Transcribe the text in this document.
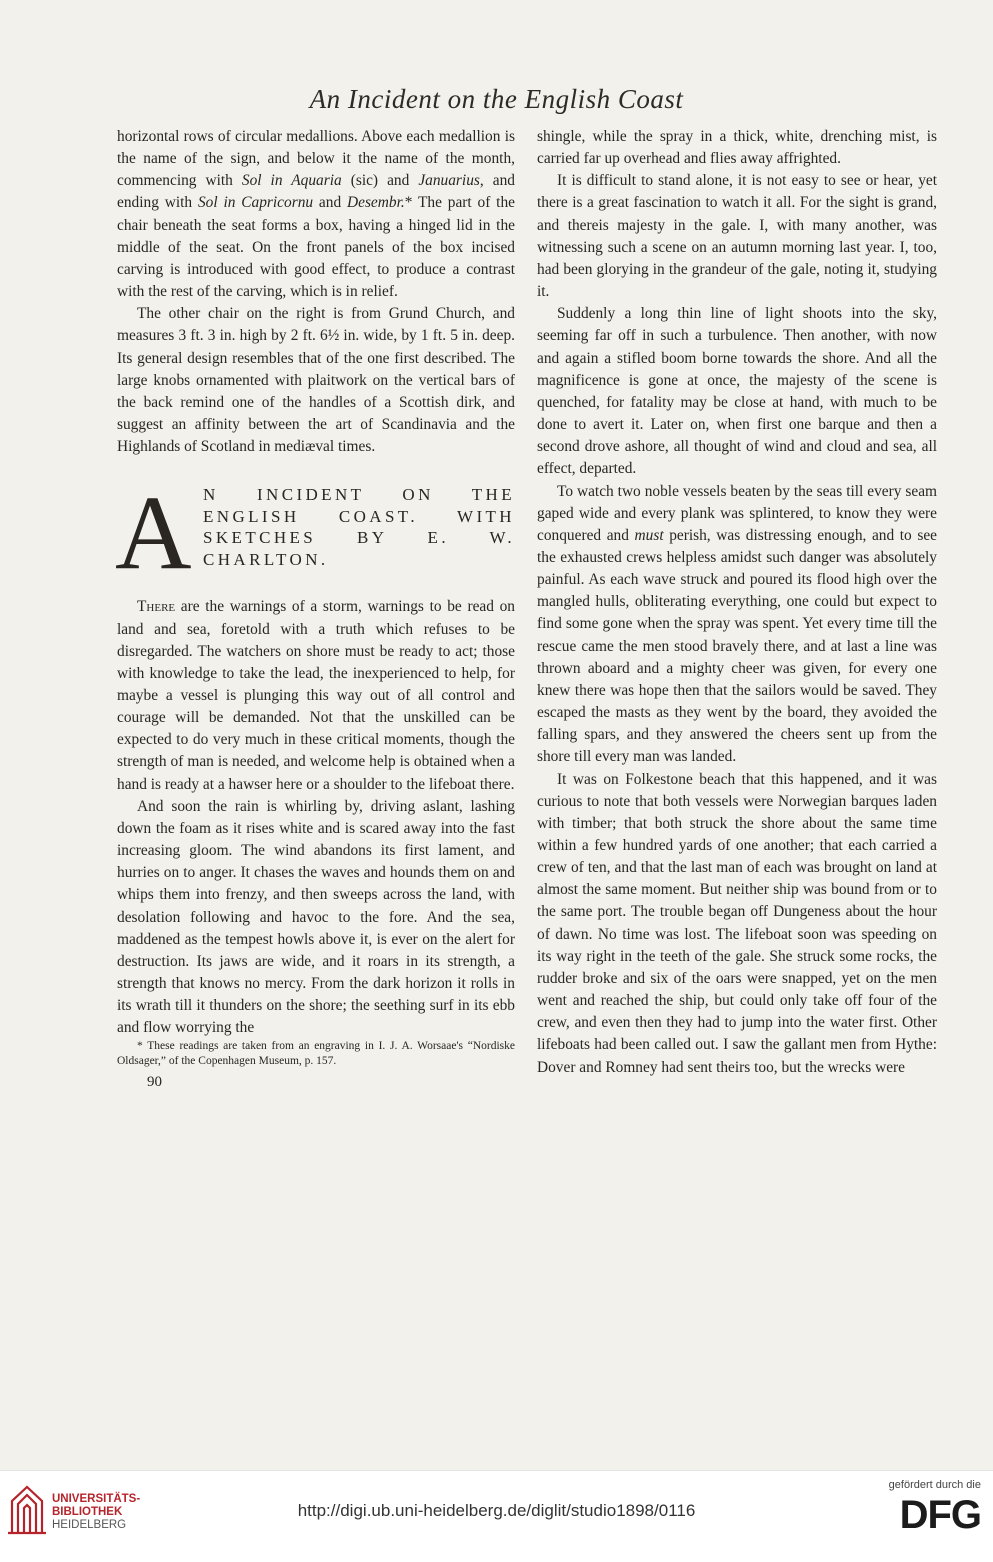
An Incident on the English Coast

horizontal rows of circular medallions. Above each medallion is the name of the sign, and below it the name of the month, commencing with Sol in Aquaria (sic) and Januarius, and ending with Sol in Capricornu and Desembr.* The part of the chair beneath the seat forms a box, having a hinged lid in the middle of the seat. On the front panels of the box incised carving is introduced with good effect, to produce a contrast with the rest of the carving, which is in relief.

The other chair on the right is from Grund Church, and measures 3 ft. 3 in. high by 2 ft. 6½ in. wide, by 1 ft. 5 in. deep. Its general design resembles that of the one first described. The large knobs ornamented with plaitwork on the vertical bars of the back remind one of the handles of a Scottish dirk, and suggest an affinity between the art of Scandinavia and the Highlands of Scotland in mediæval times.

A N INCIDENT ON THE
ENGLISH COAST. WITH
SKETCHES BY E. W.
CHARLTON.

There are the warnings of a storm, warnings to be read on land and sea, foretold with a truth which refuses to be disregarded. The watchers on shore must be ready to act; those with knowledge to take the lead, the inexperienced to help, for maybe a vessel is plunging this way out of all control and courage will be demanded. Not that the unskilled can be expected to do very much in these critical moments, though the strength of man is needed, and welcome help is obtained when a hand is ready at a hawser here or a shoulder to the lifeboat there.

And soon the rain is whirling by, driving aslant, lashing down the foam as it rises white and is scared away into the fast increasing gloom. The wind abandons its first lament, and hurries on to anger. It chases the waves and hounds them on and whips them into frenzy, and then sweeps across the land, with desolation following and havoc to the fore. And the sea, maddened as the tempest howls above it, is ever on the alert for destruction. Its jaws are wide, and it roars in its strength, a strength that knows no mercy. From the dark horizon it rolls in its wrath till it thunders on the shore; the seething surf in its ebb and flow worrying the

* These readings are taken from an engraving in I. J. A. Worsaae's “Nordiske Oldsager,” of the Copenhagen Museum, p. 157.

90

shingle, while the spray in a thick, white, drenching mist, is carried far up overhead and flies away affrighted.

It is difficult to stand alone, it is not easy to see or hear, yet there is a great fascination to watch it all. For the sight is grand, and thereis majesty in the gale. I, with many another, was witnessing such a scene on an autumn morning last year. I, too, had been glorying in the grandeur of the gale, noting it, studying it.

Suddenly a long thin line of light shoots into the sky, seeming far off in such a turbulence. Then another, with now and again a stifled boom borne towards the shore. And all the magnificence is gone at once, the majesty of the scene is quenched, for fatality may be close at hand, with much to be done to avert it. Later on, when first one barque and then a second drove ashore, all thought of wind and cloud and sea, all effect, departed.

To watch two noble vessels beaten by the seas till every seam gaped wide and every plank was splintered, to know they were conquered and must perish, was distressing enough, and to see the exhausted crews helpless amidst such danger was absolutely painful. As each wave struck and poured its flood high over the mangled hulls, obliterating everything, one could but expect to find some gone when the spray was spent. Yet every time till the rescue came the men stood bravely there, and at last a line was thrown aboard and a mighty cheer was given, for every one knew there was hope then that the sailors would be saved. They escaped the masts as they went by the board, they avoided the falling spars, and they answered the cheers sent up from the shore till every man was landed.

It was on Folkestone beach that this happened, and it was curious to note that both vessels were Norwegian barques laden with timber; that both struck the shore about the same time within a few hundred yards of one another; that each carried a crew of ten, and that the last man of each was brought on land at almost the same moment. But neither ship was bound from or to the same port. The trouble began off Dungeness about the hour of dawn. No time was lost. The lifeboat soon was speeding on its way right in the teeth of the gale. She struck some rocks, the rudder broke and six of the oars were snapped, yet on the men went and reached the ship, but could only take off four of the crew, and even then they had to jump into the water first. Other lifeboats had been called out. I saw the gallant men from Hythe: Dover and Romney had sent theirs too, but the wrecks were

UNIVERSITÄTS-
BIBLIOTHEK
HEIDELBERG
http://digi.ub.uni-heidelberg.de/diglit/studio1898/0116
gefördert durch die
DFG
